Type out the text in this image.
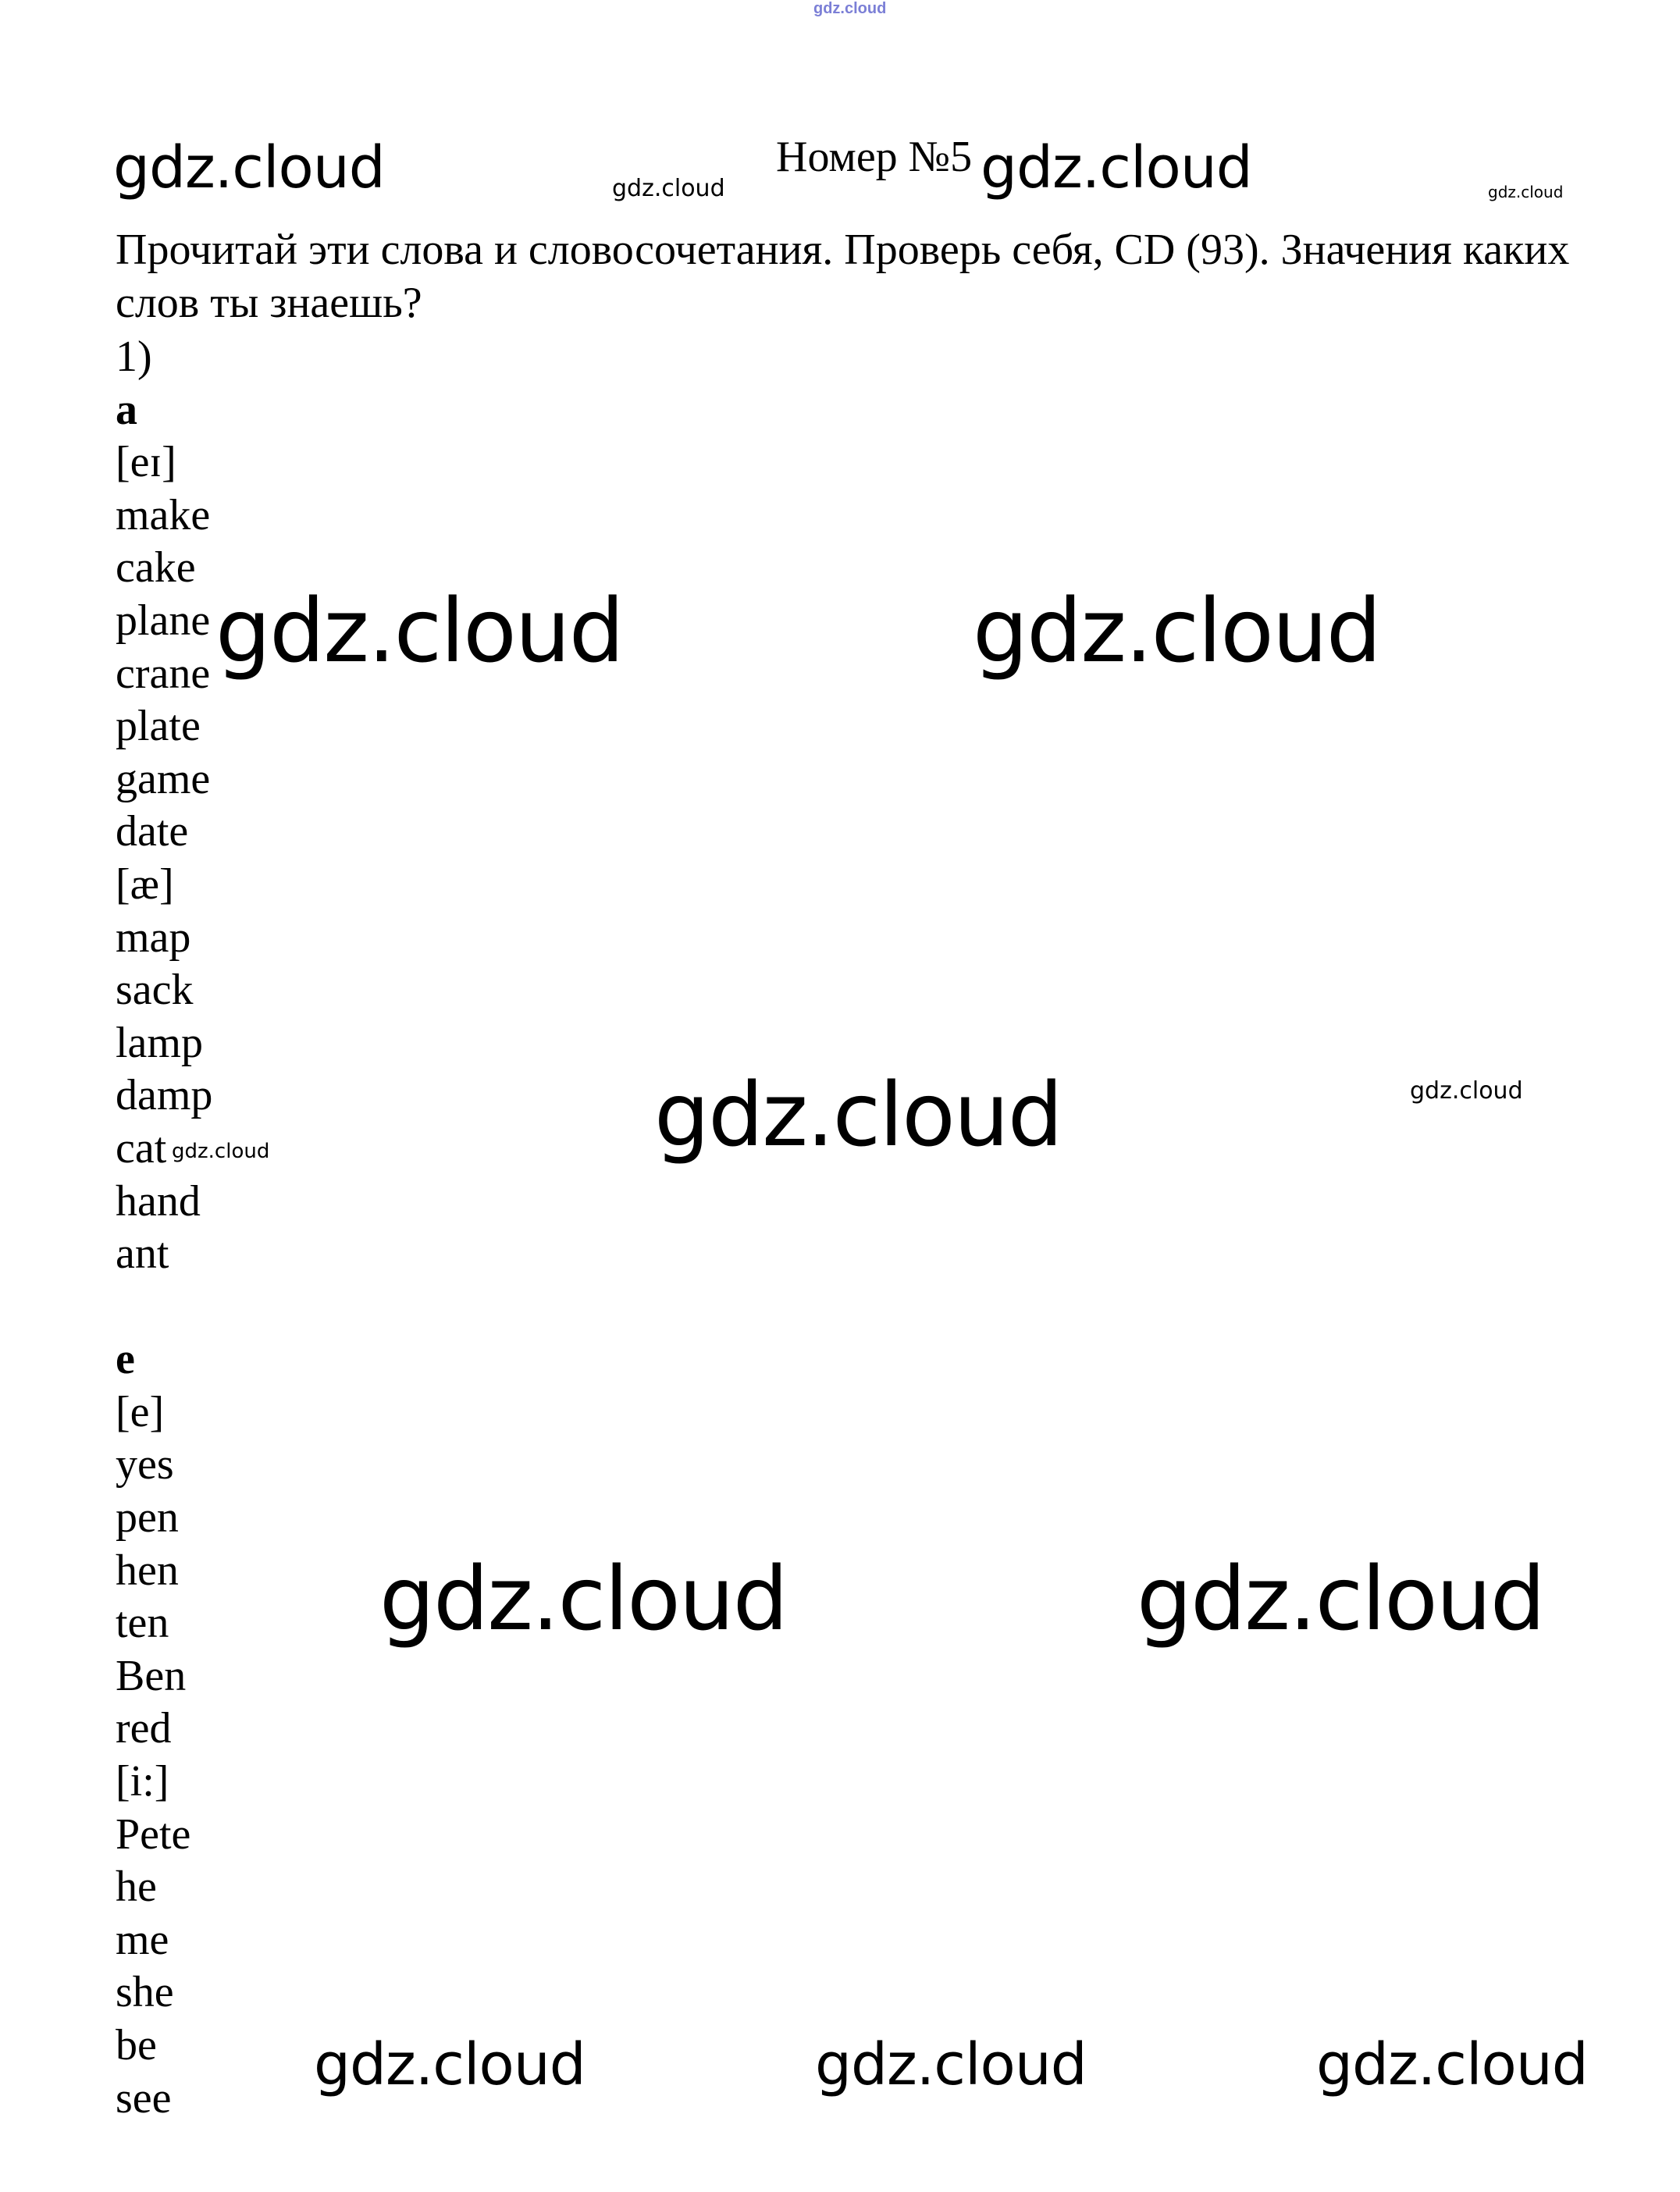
gdz.cloud
Номер №5
Прочитай эти слова и словосочетания. Проверь себя, CD (93). Значения каких слов ты знаешь?
1)
a
[eɪ]
make
cake
plane
crane
plate
game
date
[æ]
map
sack
lamp
damp
cat
hand
ant
e
[e]
yes
pen
hen
ten
Ben
red
[i:]
Pete
he
me
she
be
see
gdz.cloud	gdz.cloud	gdz.cloud	gdz.cloud
gdz.cloud	gdz.cloud
gdz.cloud	gdz.cloud
gdz.cloud
gdz.cloud	gdz.cloud
gdz.cloud	gdz.cloud	gdz.cloud
